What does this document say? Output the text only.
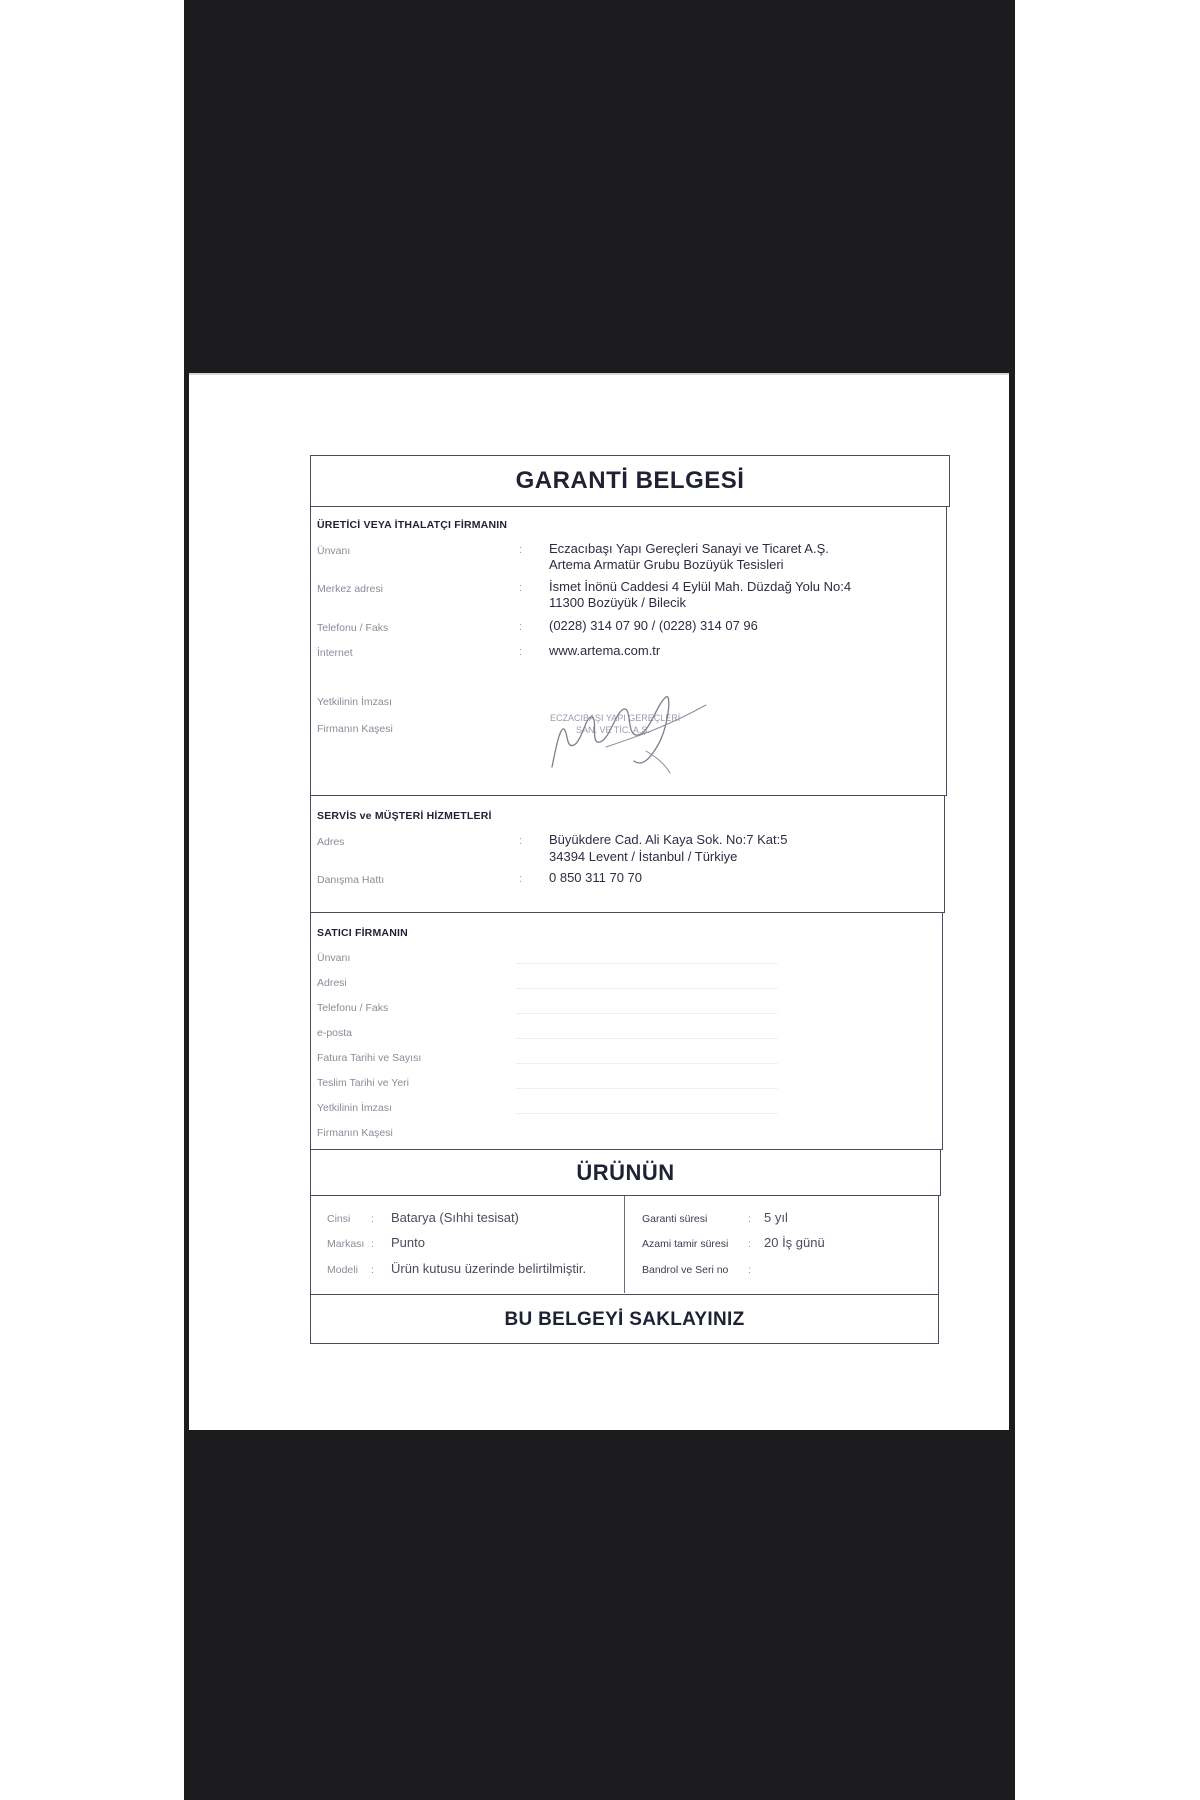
GARANTİ BELGESİ
ÜRETİCİ VEYA İTHALATÇI FİRMANIN
Ünvanı	: Eczacıbaşı Yapı Gereçleri Sanayi ve Ticaret A.Ş.
Artema Armatür Grubu Bozüyük Tesisleri
Merkez adresi	: İsmet İnönü Caddesi 4 Eylül Mah. Düzdağ Yolu No:4
11300 Bozüyük / Bilecik
Telefonu / Faks	: (0228) 314 07 90 / (0228) 314 07 96
İnternet	: www.artema.com.tr
Yetkilinin İmzası
Firmanın Kaşesi
ECZACIBAŞI YAPI GEREÇLERİ
SAN. VE TİC. A.Ş.
SERVİS ve MÜŞTERİ HİZMETLERİ
Adres	: Büyükdere Cad. Ali Kaya Sok. No:7 Kat:5
34394 Levent / İstanbul / Türkiye
Danışma Hattı	: 0 850 311 70 70
SATICI FİRMANIN
Ünvanı
Adresi
Telefonu / Faks
e-posta
Fatura Tarihi ve Sayısı
Teslim Tarihi ve Yeri
Yetkilinin İmzası
Firmanın Kaşesi
ÜRÜNÜN
Cinsi : Batarya (Sıhhi tesisat)
Markası : Punto
Modeli : Ürün kutusu üzerinde belirtilmiştir.
Garanti süresi	: 5 yıl
Azami tamir süresi : 20 İş günü
Bandrol ve Seri no :
BU BELGEYİ SAKLAYINIZ
